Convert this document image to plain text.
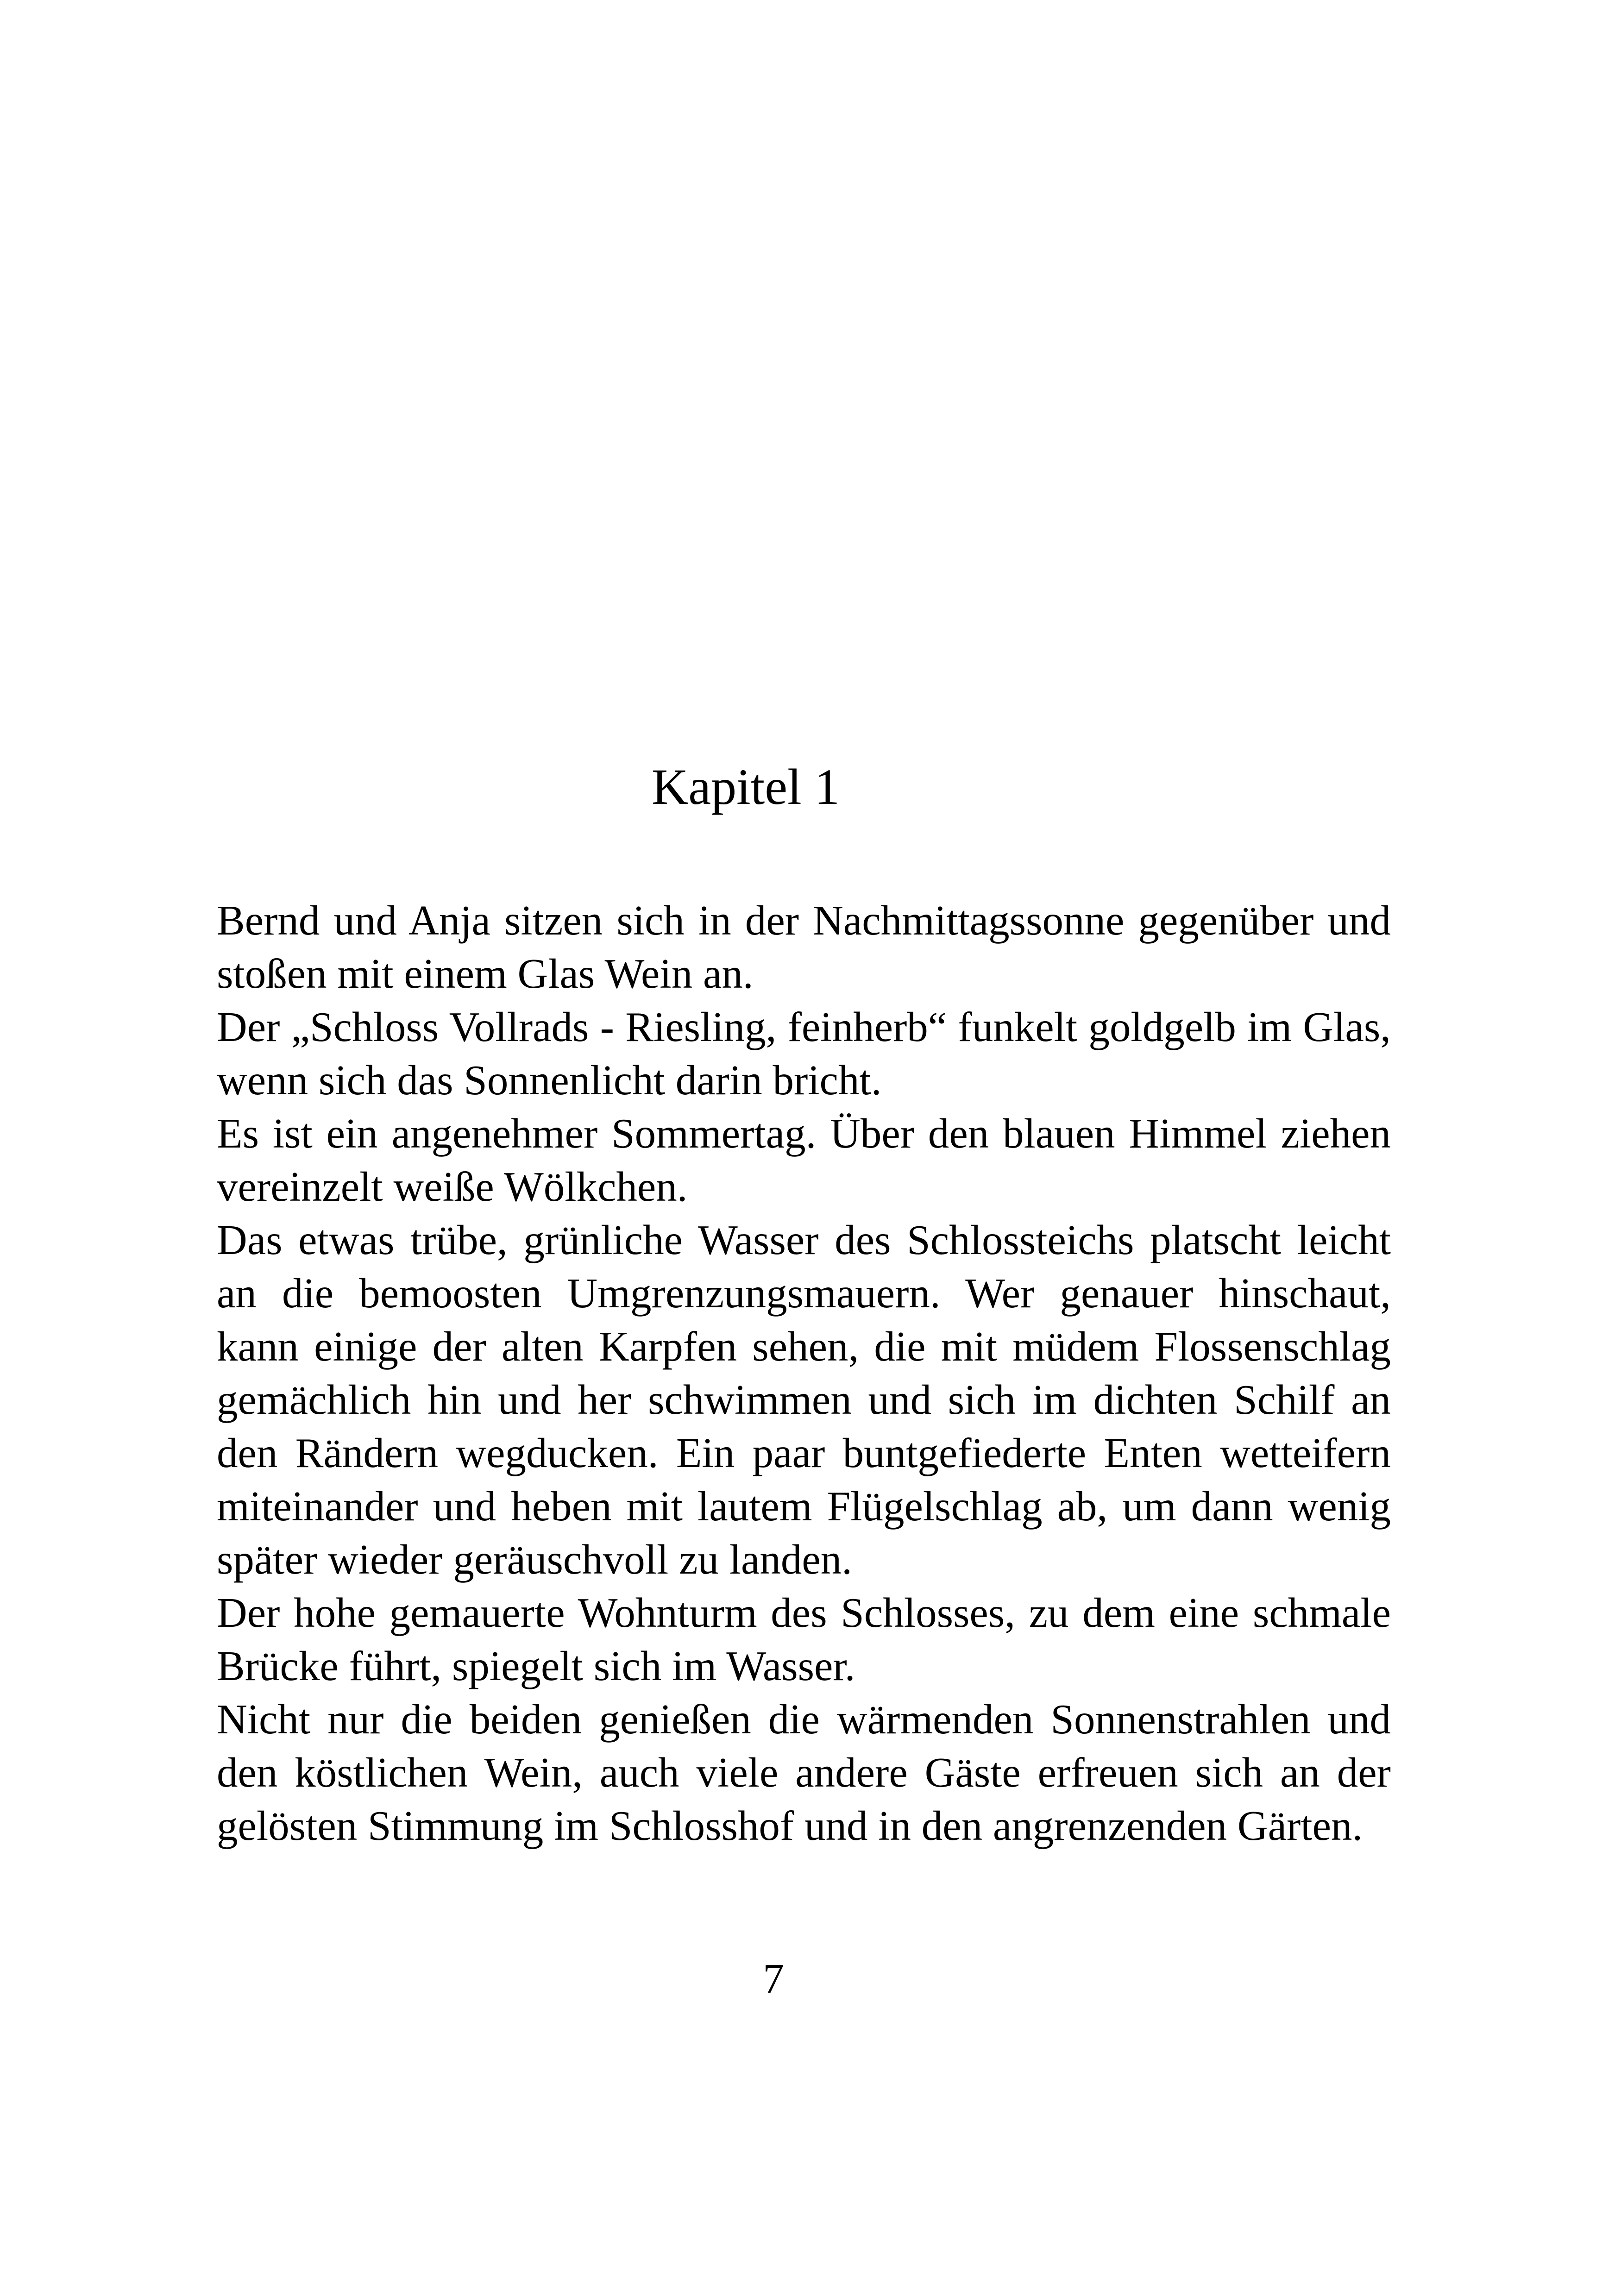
Kapitel 1

Bernd und Anja sitzen sich in der Nachmittagssonne gegenüber und stoßen mit einem Glas Wein an.

Der „Schloss Vollrads - Riesling, feinherb“ funkelt goldgelb im Glas, wenn sich das Sonnenlicht darin bricht.

Es ist ein angenehmer Sommertag. Über den blauen Himmel ziehen vereinzelt weiße Wölkchen.

Das etwas trübe, grünliche Wasser des Schlossteichs platscht leicht an die bemoosten Umgrenzungsmauern. Wer genauer hinschaut, kann einige der alten Karpfen sehen, die mit müdem Flossenschlag gemächlich hin und her schwimmen und sich im dichten Schilf an den Rändern wegducken. Ein paar buntgefiederte Enten wetteifern miteinander und heben mit lautem Flügelschlag ab, um dann wenig später wieder geräuschvoll zu landen.

Der hohe gemauerte Wohnturm des Schlosses, zu dem eine schmale Brücke führt, spiegelt sich im Wasser.

Nicht nur die beiden genießen die wärmenden Sonnenstrahlen und den köstlichen Wein, auch viele andere Gäste erfreuen sich an der gelösten Stimmung im Schlosshof und in den angrenzenden Gärten.

7
